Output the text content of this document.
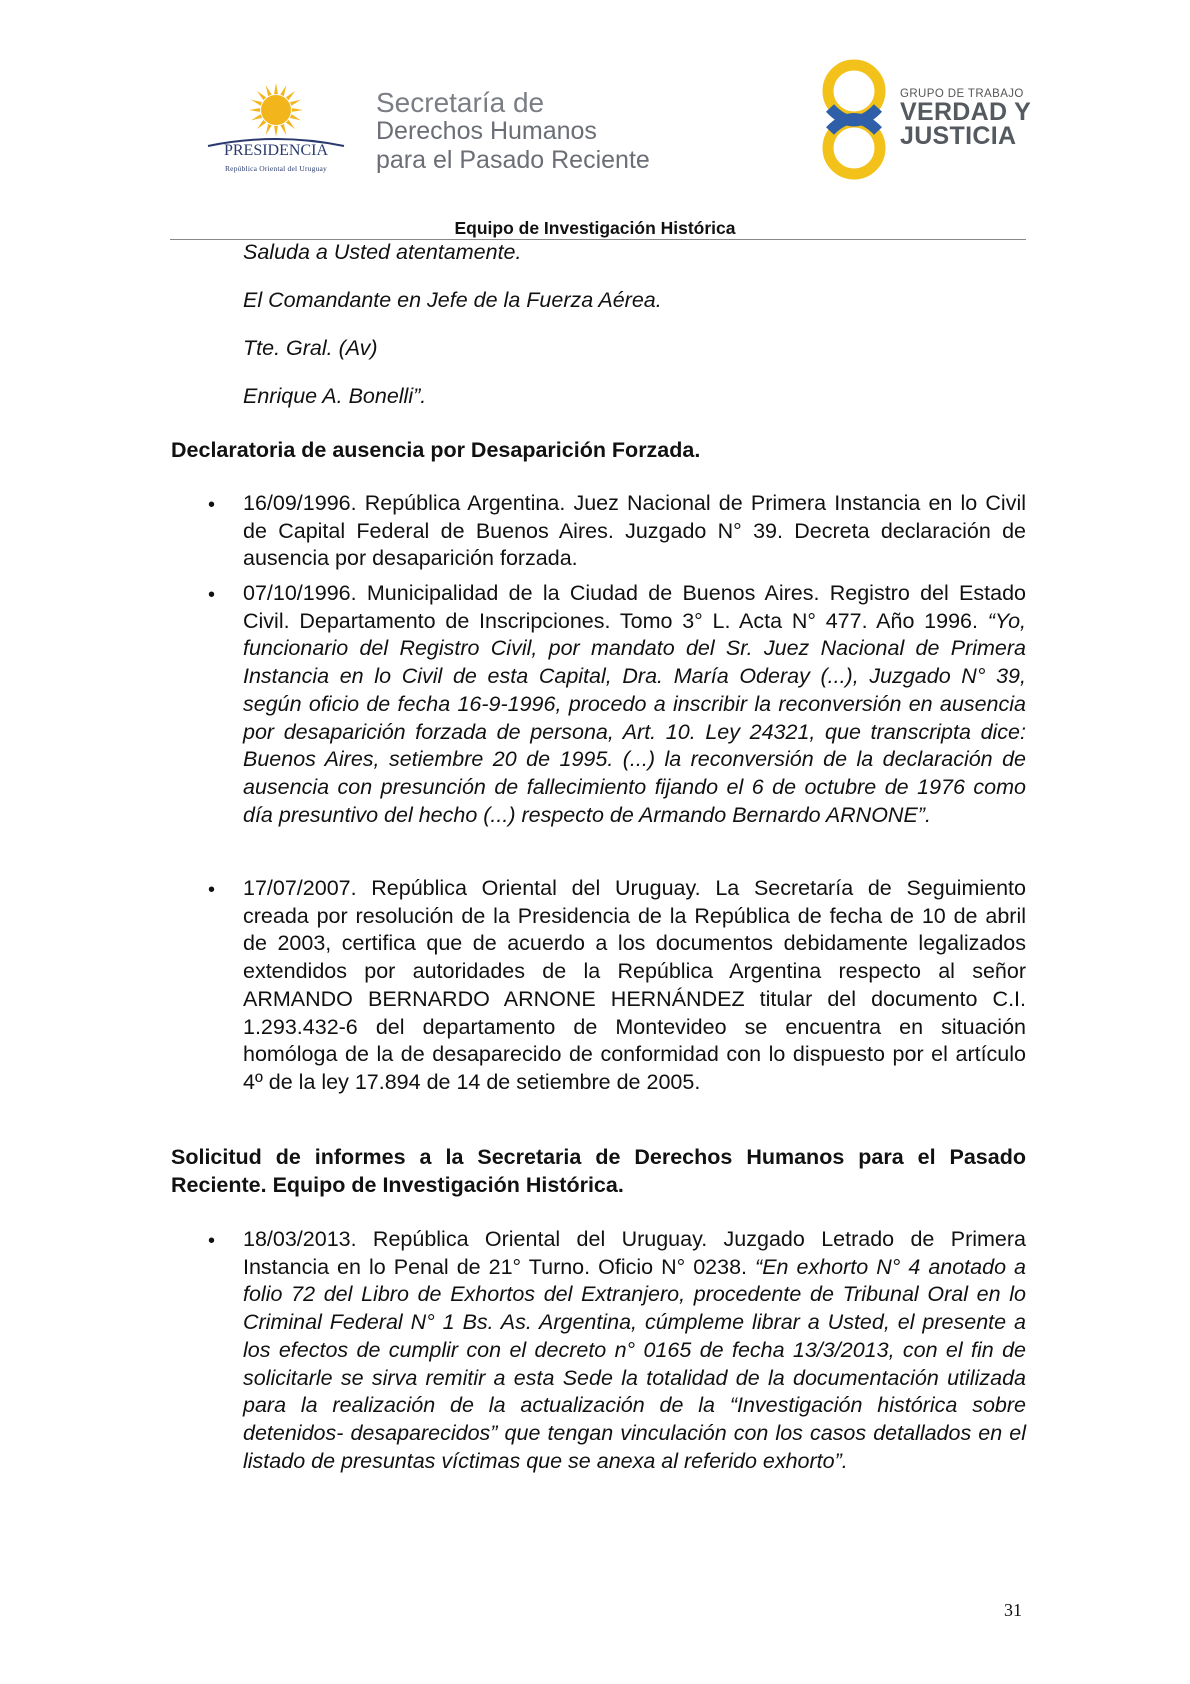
PRESIDENCIA
República Oriental del Uruguay
Secretaría de
Derechos Humanos
para el Pasado Reciente
GRUPO DE TRABAJO
VERDAD Y
JUSTICIA
Equipo de Investigación Histórica
Saluda a Usted atentamente.
El Comandante en Jefe de la Fuerza Aérea.
Tte. Gral. (Av)
Enrique A. Bonelli”.
Declaratoria de ausencia por Desaparición Forzada.
• 16/09/1996. República Argentina. Juez Nacional de Primera Instancia en lo Civil de Capital Federal de Buenos Aires. Juzgado N° 39. Decreta declaración de ausencia por desaparición forzada.
• 07/10/1996. Municipalidad de la Ciudad de Buenos Aires. Registro del Estado Civil. Departamento de Inscripciones. Tomo 3° L. Acta N° 477. Año 1996. “Yo, funcionario del Registro Civil, por mandato del Sr. Juez Nacional de Primera Instancia en lo Civil de esta Capital, Dra. María Oderay (...), Juzgado N° 39, según oficio de fecha 16-9-1996, procedo a inscribir la reconversión en ausencia por desaparición forzada de persona, Art. 10. Ley 24321, que transcripta dice: Buenos Aires, setiembre 20 de 1995. (...) la reconversión de la declaración de ausencia con presunción de fallecimiento fijando el 6 de octubre de 1976 como día presuntivo del hecho (...) respecto de Armando Bernardo ARNONE”.
• 17/07/2007. República Oriental del Uruguay. La Secretaría de Seguimiento creada por resolución de la Presidencia de la República de fecha de 10 de abril de 2003, certifica que de acuerdo a los documentos debidamente legalizados extendidos por autoridades de la República Argentina respecto al señor ARMANDO BERNARDO ARNONE HERNÁNDEZ titular del documento C.I. 1.293.432-6 del departamento de Montevideo se encuentra en situación homóloga de la de desaparecido de conformidad con lo dispuesto por el artículo 4º de la ley 17.894 de 14 de setiembre de 2005.
Solicitud de informes a la Secretaria de Derechos Humanos para el Pasado Reciente. Equipo de Investigación Histórica.
• 18/03/2013. República Oriental del Uruguay. Juzgado Letrado de Primera Instancia en lo Penal de 21° Turno. Oficio N° 0238. “En exhorto N° 4 anotado a folio 72 del Libro de Exhortos del Extranjero, procedente de Tribunal Oral en lo Criminal Federal N° 1 Bs. As. Argentina, cúmpleme librar a Usted, el presente a los efectos de cumplir con el decreto n° 0165 de fecha 13/3/2013, con el fin de solicitarle se sirva remitir a esta Sede la totalidad de la documentación utilizada para la realización de la actualización de la “Investigación histórica sobre detenidos- desaparecidos” que tengan vinculación con los casos detallados en el listado de presuntas víctimas que se anexa al referido exhorto”.
31
